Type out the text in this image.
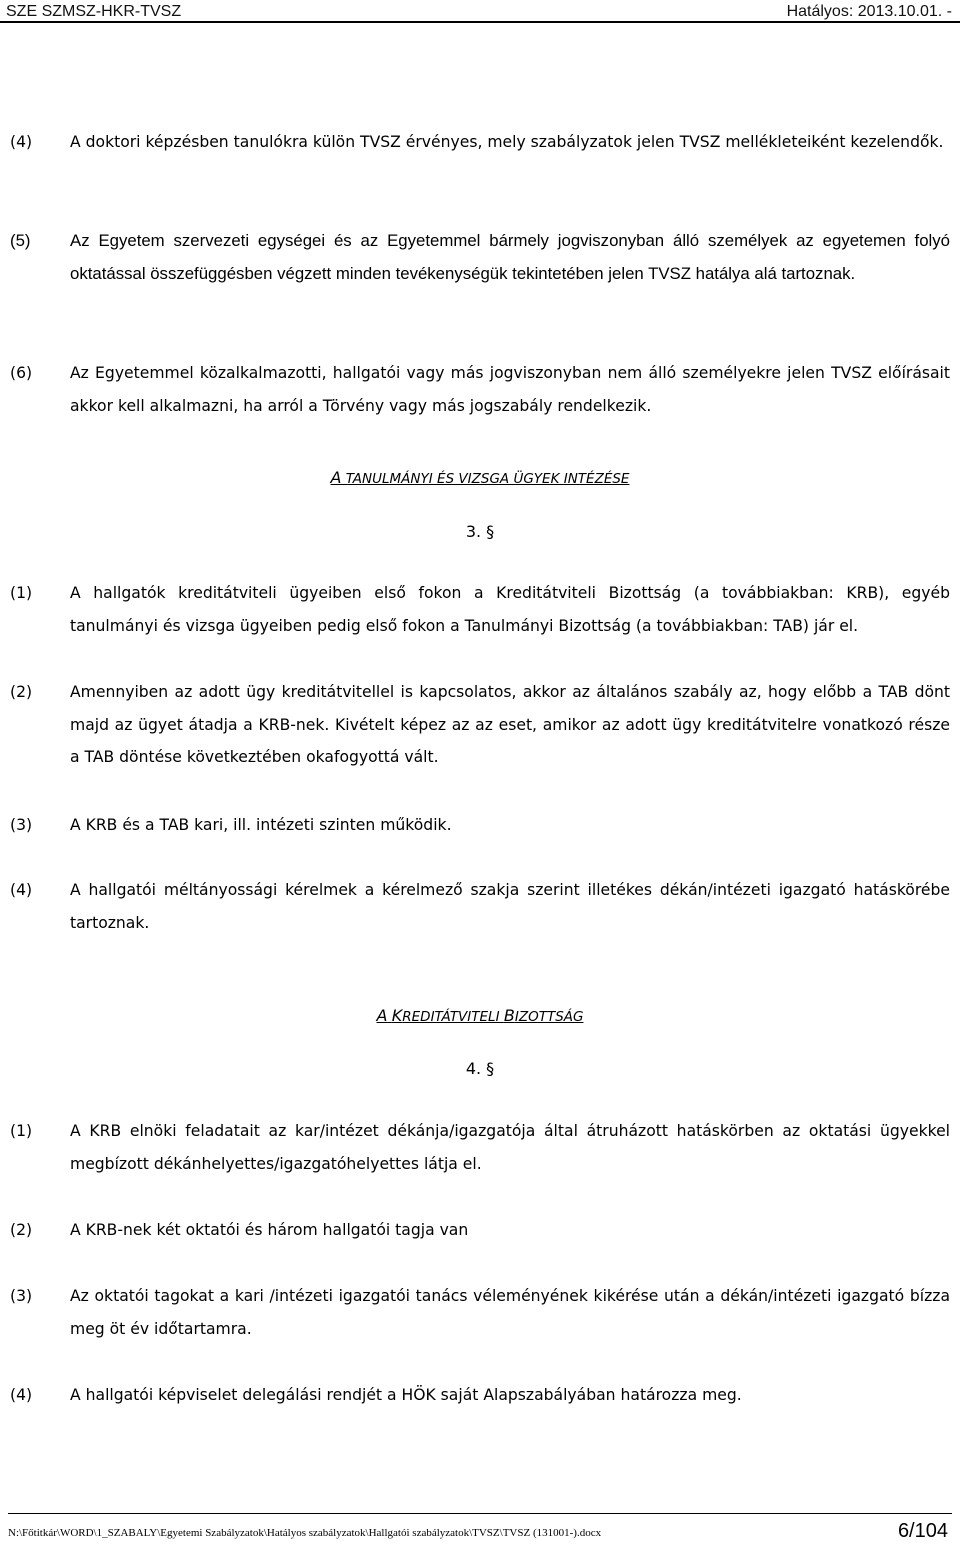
SZE SZMSZ-HKR-TVSZ	Hatályos: 2013.10.01. -
(4) A doktori képzésben tanulókra külön TVSZ érvényes, mely szabályzatok jelen TVSZ mellékleteiként kezelendők.
(5) Az Egyetem szervezeti egységei és az Egyetemmel bármely jogviszonyban álló személyek az egyetemen folyó oktatással összefüggésben végzett minden tevékenységük tekintetében jelen TVSZ hatálya alá tartoznak.
(6) Az Egyetemmel közalkalmazotti, hallgatói vagy más jogviszonyban nem álló személyekre jelen TVSZ előírásait akkor kell alkalmazni, ha arról a Törvény vagy más jogszabály rendelkezik.
A TANULMÁNYI ÉS VIZSGA ÜGYEK INTÉZÉSE
3. §
(1) A hallgatók kreditátviteli ügyeiben első fokon a Kreditátviteli Bizottság (a továbbiakban: KRB), egyéb tanulmányi és vizsga ügyeiben pedig első fokon a Tanulmányi Bizottság (a továbbiakban: TAB) jár el.
(2) Amennyiben az adott ügy kreditátvitellel is kapcsolatos, akkor az általános szabály az, hogy előbb a TAB dönt majd az ügyet átadja a KRB-nek. Kivételt képez az az eset, amikor az adott ügy kreditátvitelre vonatkozó része a TAB döntése következtében okafogyottá vált.
(3) A KRB és a TAB kari, ill. intézeti szinten működik.
(4) A hallgatói méltányossági kérelmek a kérelmező szakja szerint illetékes dékán/intézeti igazgató hatáskörébe tartoznak.
A KREDITÁTVITELI BIZOTTSÁG
4. §
(1) A KRB elnöki feladatait az kar/intézet dékánja/igazgatója által átruházott hatáskörben az oktatási ügyekkel megbízott dékánhelyettes/igazgatóhelyettes látja el.
(2) A KRB-nek két oktatói és három hallgatói tagja van
(3) Az oktatói tagokat a kari /intézeti igazgatói tanács véleményének kikérése után a dékán/intézeti igazgató bízza meg öt év időtartamra.
(4) A hallgatói képviselet delegálási rendjét a HÖK saját Alapszabályában határozza meg.
N:\Főtitkár\WORD\1_SZABALY\Egyetemi Szabályzatok\Hatályos szabályzatok\Hallgatói szabályzatok\TVSZ\TVSZ (131001-).docx	6/104
